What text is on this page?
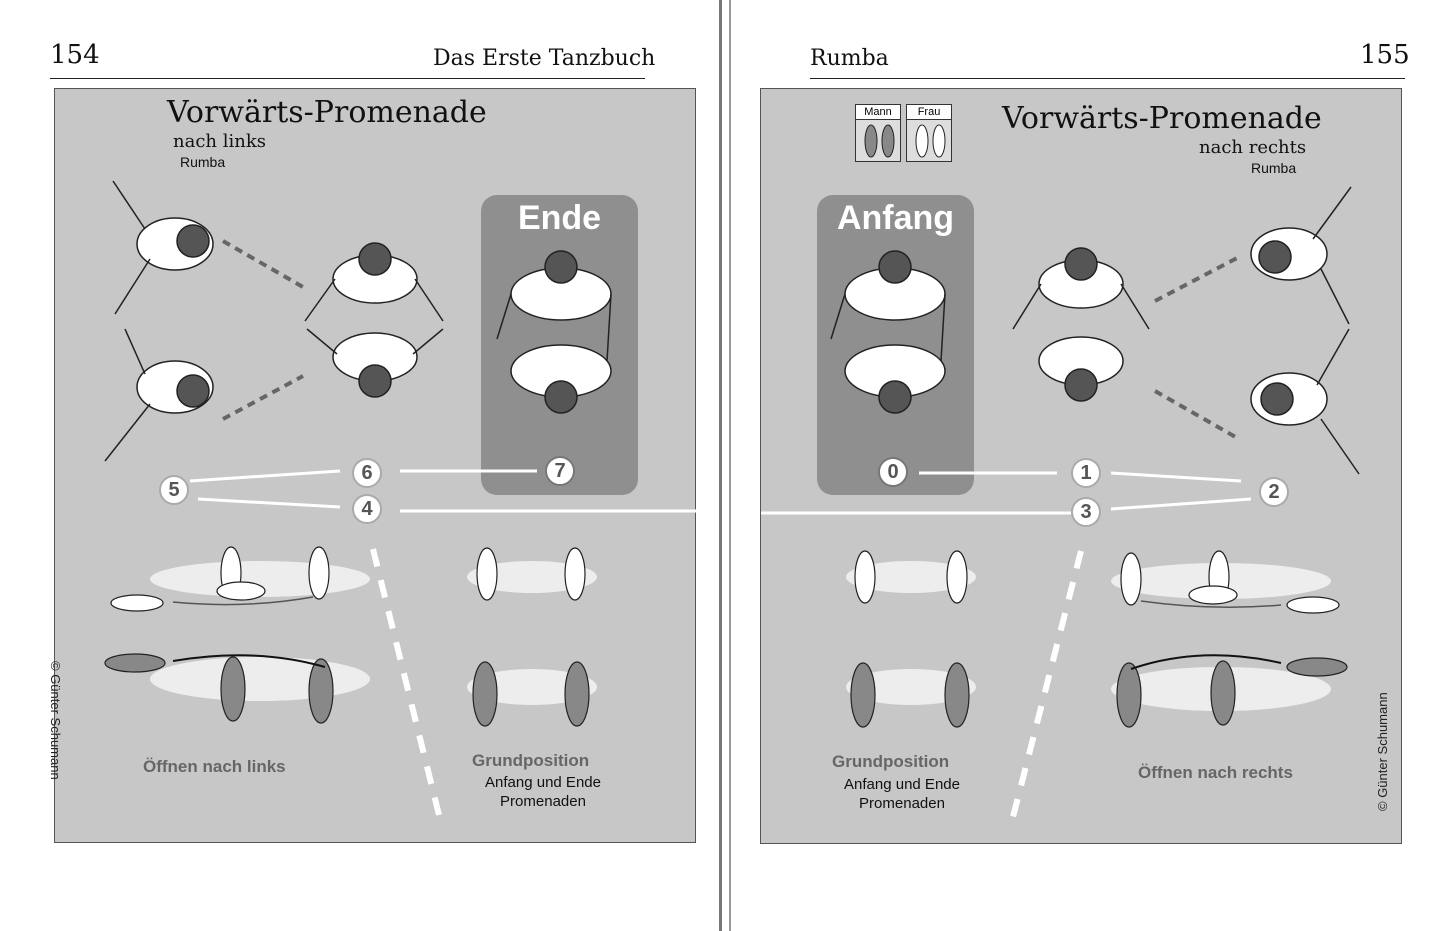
154	Das Erste Tanzbuch
Vorwärts-Promenade
nach links
Rumba
Ende
5
6	7
4
Öffnen nach links	Grundposition
Anfang und Ende Promenaden
© Günter Schumann
Rumba	155
Mann	Frau	Vorwärts-Promenade
nach rechts
Rumba
Anfang
0	1
2
3
Grundposition
Anfang und Ende Promenaden
Öffnen nach rechts	© Günter Schumann
